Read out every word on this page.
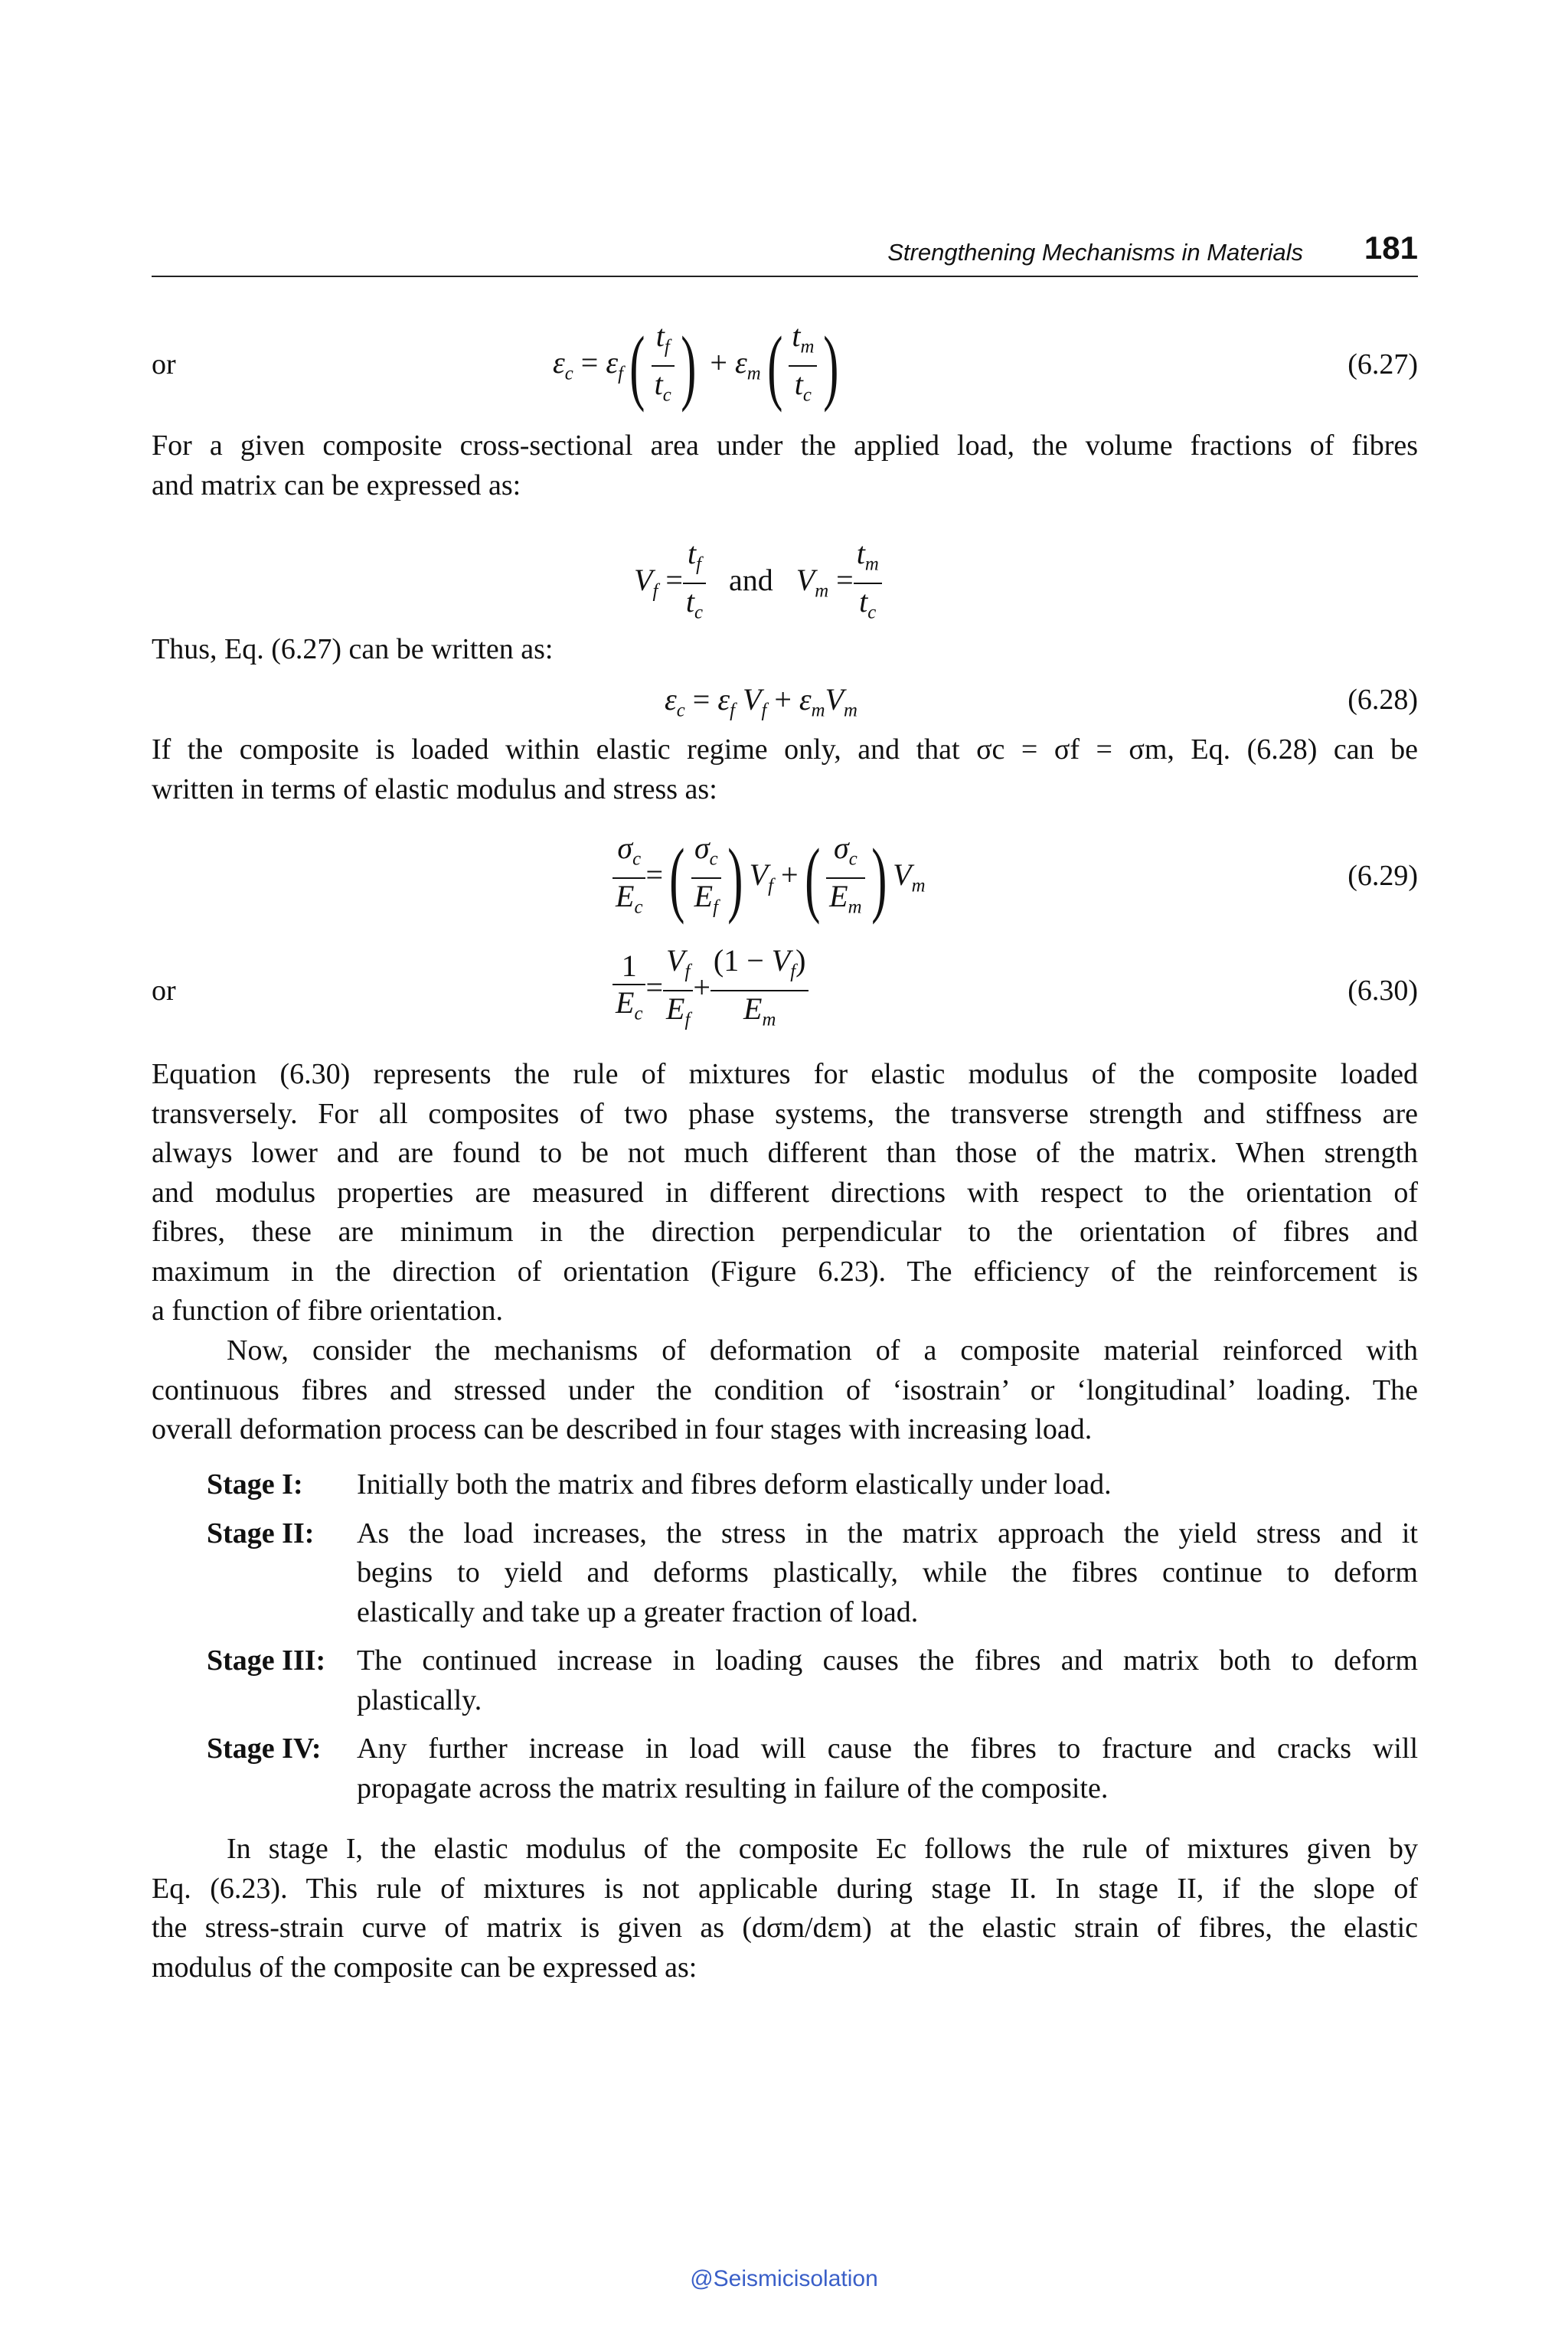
Strengthening Mechanisms in Materials 181
or	$\varepsilon_c = \varepsilon_f( \frac{t_f}{t_c}$ ) + $\varepsilon_m( \frac{t_m}{t_c}$ )	(6.27)
For a given composite cross-sectional area under the applied load, the volume fractions of fibres
and matrix can be expressed as:
$V_f = \frac{t_f}{t_c}$ and   $V_m = \frac{t_m}{t_c}$
Thus, Eq. (6.27) can be written as:
$\varepsilon_c = \varepsilon_f$ $V_f + \varepsilon_mV_m$	(6.28)
If the composite is loaded within elastic regime only, and that σc = σf = σm, Eq. (6.28) can be
written in terms of elastic modulus and stress as:
$\frac{\sigma_c}{E_c}$ =( $\frac{\sigma_c}{E_f}$ ) $V_f$ +( $\frac{\sigma_c}{E_m}$ ) $V_m$	(6.29)
or	$\frac{1}{E_c} = \frac{V_f}{E_f} + \frac{(1 - V_f)}{E_m}$	(6.30)
Equation (6.30) represents the rule of mixtures for elastic modulus of the composite loaded
transversely. For all composites of two phase systems, the transverse strength and stiffness are
always lower and are found to be not much different than those of the matrix. When strength
and modulus properties are measured in different directions with respect to the orientation of
fibres, these are minimum in the direction perpendicular to the orientation of fibres and
maximum in the direction of orientation (Figure 6.23). The efficiency of the reinforcement is
a function of fibre orientation.
Now, consider the mechanisms of deformation of a composite material reinforced with
continuous fibres and stressed under the condition of ‘isostrain’ or ‘longitudinal’ loading. The
overall deformation process can be described in four stages with increasing load.
Stage I: Initially both the matrix and fibres deform elastically under load.
Stage II: As the load increases, the stress in the matrix approach the yield stress and it
begins to yield and deforms plastically, while the fibres continue to deform
elastically and take up a greater fraction of load.
Stage III: The continued increase in loading causes the fibres and matrix both to deform
plastically.
Stage IV: Any further increase in load will cause the fibres to fracture and cracks will
propagate across the matrix resulting in failure of the composite.
In stage I, the elastic modulus of the composite Ec follows the rule of mixtures given by
Eq. (6.23). This rule of mixtures is not applicable during stage II. In stage II, if the slope of
the stress-strain curve of matrix is given as (dσm/dεm) at the elastic strain of fibres, the elastic
modulus of the composite can be expressed as:
@Seismicisolation
